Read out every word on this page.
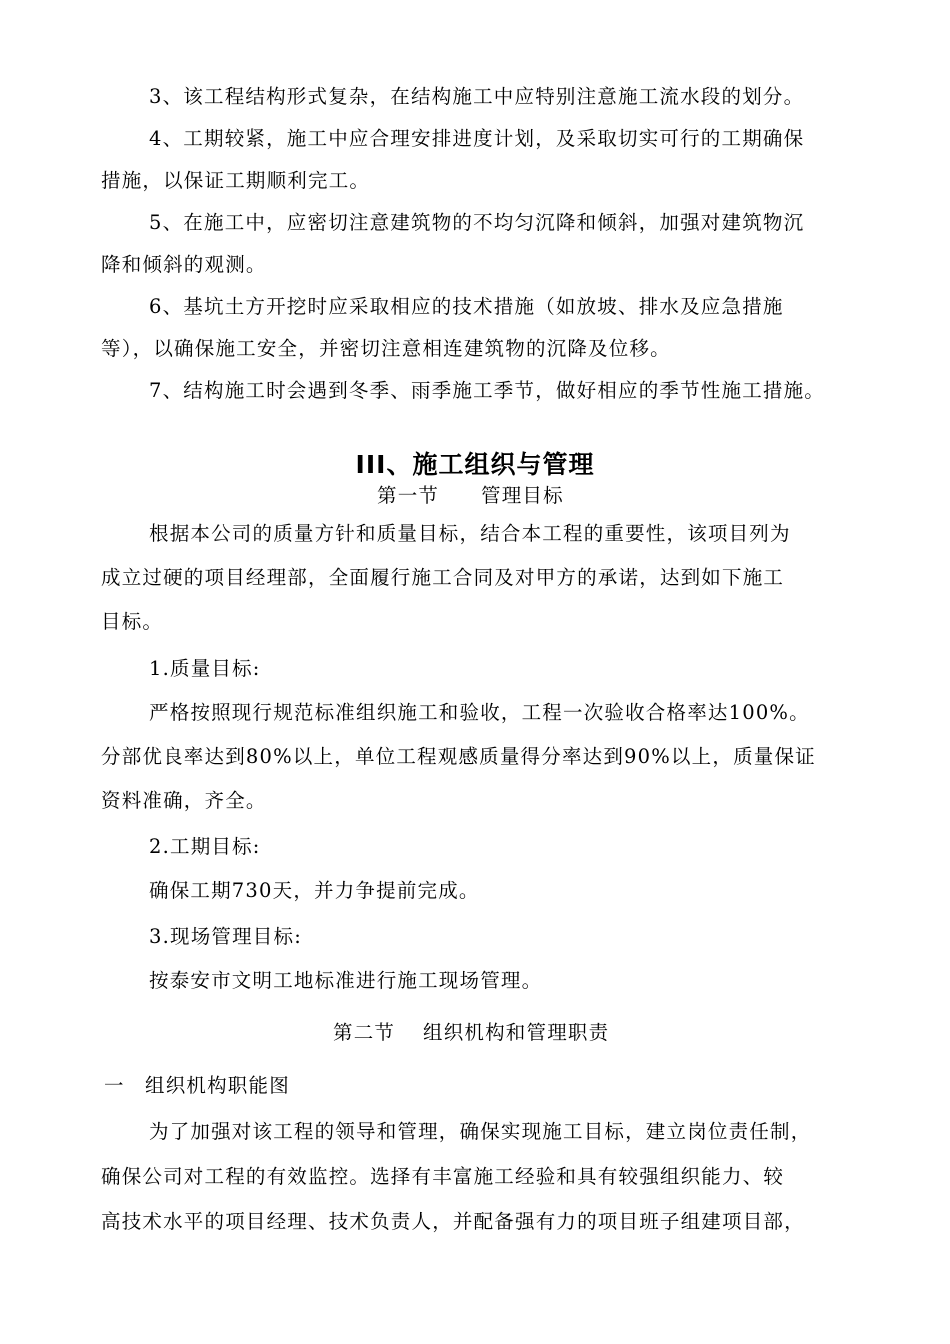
3、该工程结构形式复杂，在结构施工中应特别注意施工流水段的划分。

4、工期较紧，施工中应合理安排进度计划，及采取切实可行的工期确保

措施，以保证工期顺利完工。

5、在施工中，应密切注意建筑物的不均匀沉降和倾斜，加强对建筑物沉

降和倾斜的观测。

6、基坑土方开挖时应采取相应的技术措施（如放坡、排水及应急措施

等），以确保施工安全，并密切注意相连建筑物的沉降及位移。

7、结构施工时会遇到冬季、雨季施工季节，做好相应的季节性施工措施。

III、施工组织与管理
第一节 管理目标

根据本公司的质量方针和质量目标，结合本工程的重要性，该项目列为

成立过硬的项目经理部，全面履行施工合同及对甲方的承诺，达到如下施工

目标。

1.质量目标:

严格按照现行规范标准组织施工和验收，工程一次验收合格率达100%。

分部优良率达到80%以上，单位工程观感质量得分率达到90%以上，质量保证

资料准确，齐全。

2.工期目标:

确保工期730天，并力争提前完成。

3.现场管理目标:

按泰安市文明工地标准进行施工现场管理。

第二节 组织机构和管理职责
一 组织机构职能图

为了加强对该工程的领导和管理，确保实现施工目标，建立岗位责任制，

确保公司对工程的有效监控。选择有丰富施工经验和具有较强组织能力、较

高技术水平的项目经理、技术负责人，并配备强有力的项目班子组建项目部，
